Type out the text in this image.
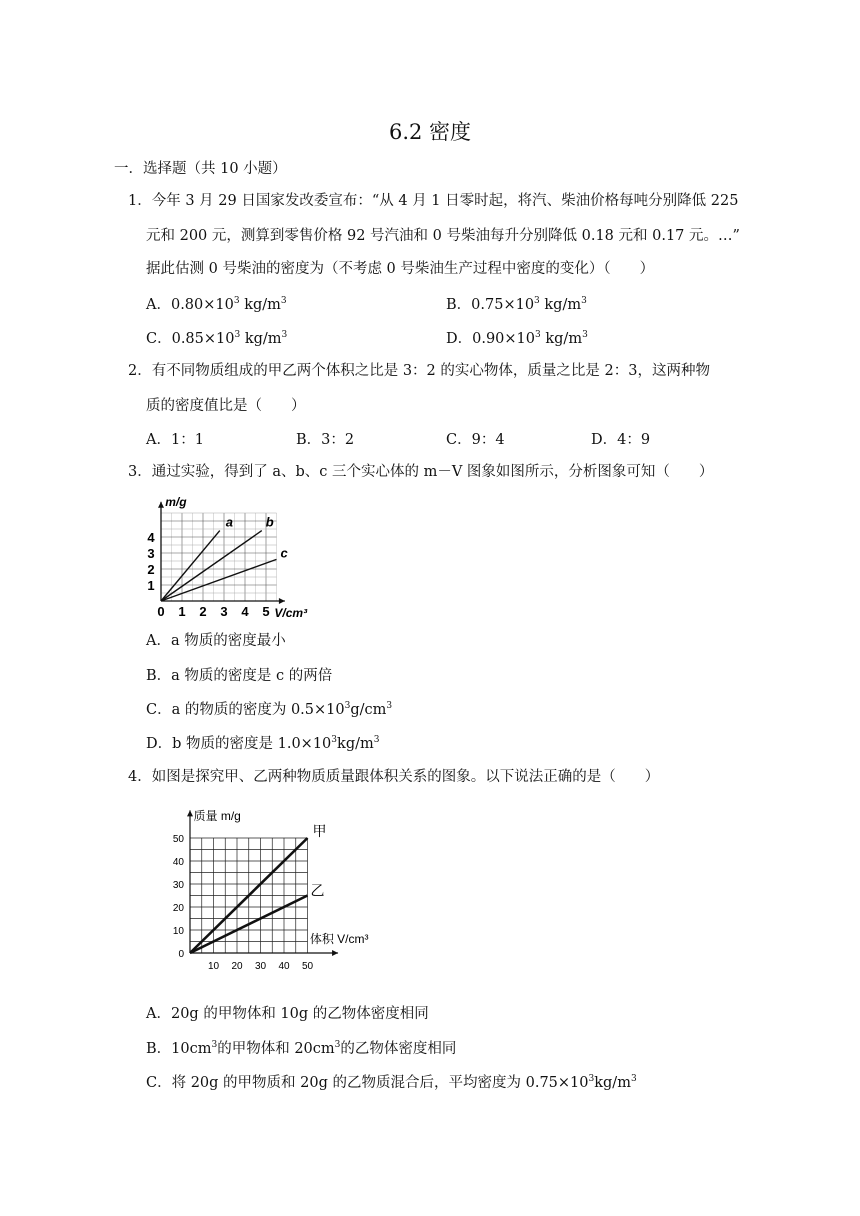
6.2 密度
一．选择题（共 10 小题）
1．今年 3 月 29 日国家发改委宣布：“从 4 月 1 日零时起，将汽、柴油价格每吨分别降低 225
元和 200 元，测算到零售价格 92 号汽油和 0 号柴油每升分别降低 0.18 元和 0.17 元。…”
据此估测 0 号柴油的密度为（不考虑 0 号柴油生产过程中密度的变化）（　　）
A．$0.80\times 10^3$ $kg/m^3$	B．$0.75\times 10^3$ $kg/m^3$
C．$0.85\times 10^3$ $kg/m^3$	D．$0.90\times 10^3$ $kg/m^3$
2．有不同物质组成的甲乙两个体积之比是 3：2 的实心物体，质量之比是 2：3，这两种物
质的密度值比是（　　）
A．1：1	B．3：2	C．9：4	D．4：9
3．通过实验，得到了 a、b、c 三个实心体的 m－V 图象如图所示，分析图象可知（　　）
0 1 2 3 4 5
1
2
3
4
m/g
V/cm³
a	b
c
A．a 物质的密度最小
B．a 物质的密度是 c 的两倍
C．a 的物质的密度为 $0.5\times 10^3g/cm^3$
D．b 物质的密度是 $1.0\times 10^3kg/m^3$
4．如图是探究甲、乙两种物质质量跟体积关系的图象。以下说法正确的是（　　）
10 20 30 40 50
0
10
20
30
40
50
质量 m/g
体积 V/cm³
甲
乙
A．20g 的甲物体和 10g 的乙物体密度相同
B．$10cm^3$的甲物体和 $20cm^3$的乙物体密度相同
C．将 20g 的甲物质和 20g 的乙物质混合后，平均密度为 $0.75\times 10^3kg/m^3$
